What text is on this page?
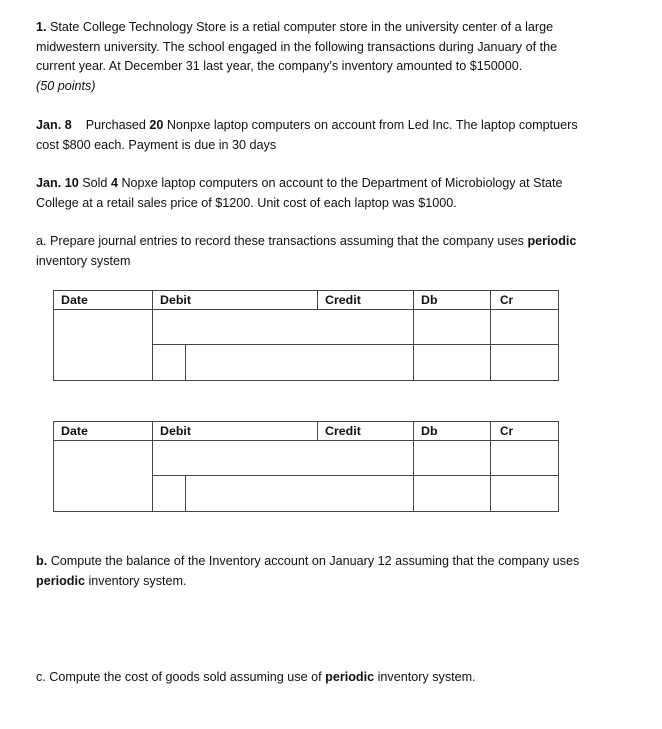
1. State College Technology Store is a retial computer store in the university center of a large
midwestern university. The school engaged in the following transactions during January of the
current year. At December 31 last year, the company’s inventory amounted to $150000.
(50 points)

Jan. 8 Purchased 20 Nonpxe laptop computers on account from Led Inc. The laptop comptuers
cost $800 each. Payment is due in 30 days

Jan. 10 Sold 4 Nopxe laptop computers on account to the Department of Microbiology at State
College at a retail sales price of $1200. Unit cost of each laptop was $1000.

a. Prepare journal entries to record these transactions assuming that the company uses periodic
inventory system

Date	Debit		Credit	Db	Cr

Date	Debit		Credit	Db	Cr

b. Compute the balance of the Inventory account on January 12 assuming that the company uses
periodic inventory system.

c. Compute the cost of goods sold assuming use of periodic inventory system.
